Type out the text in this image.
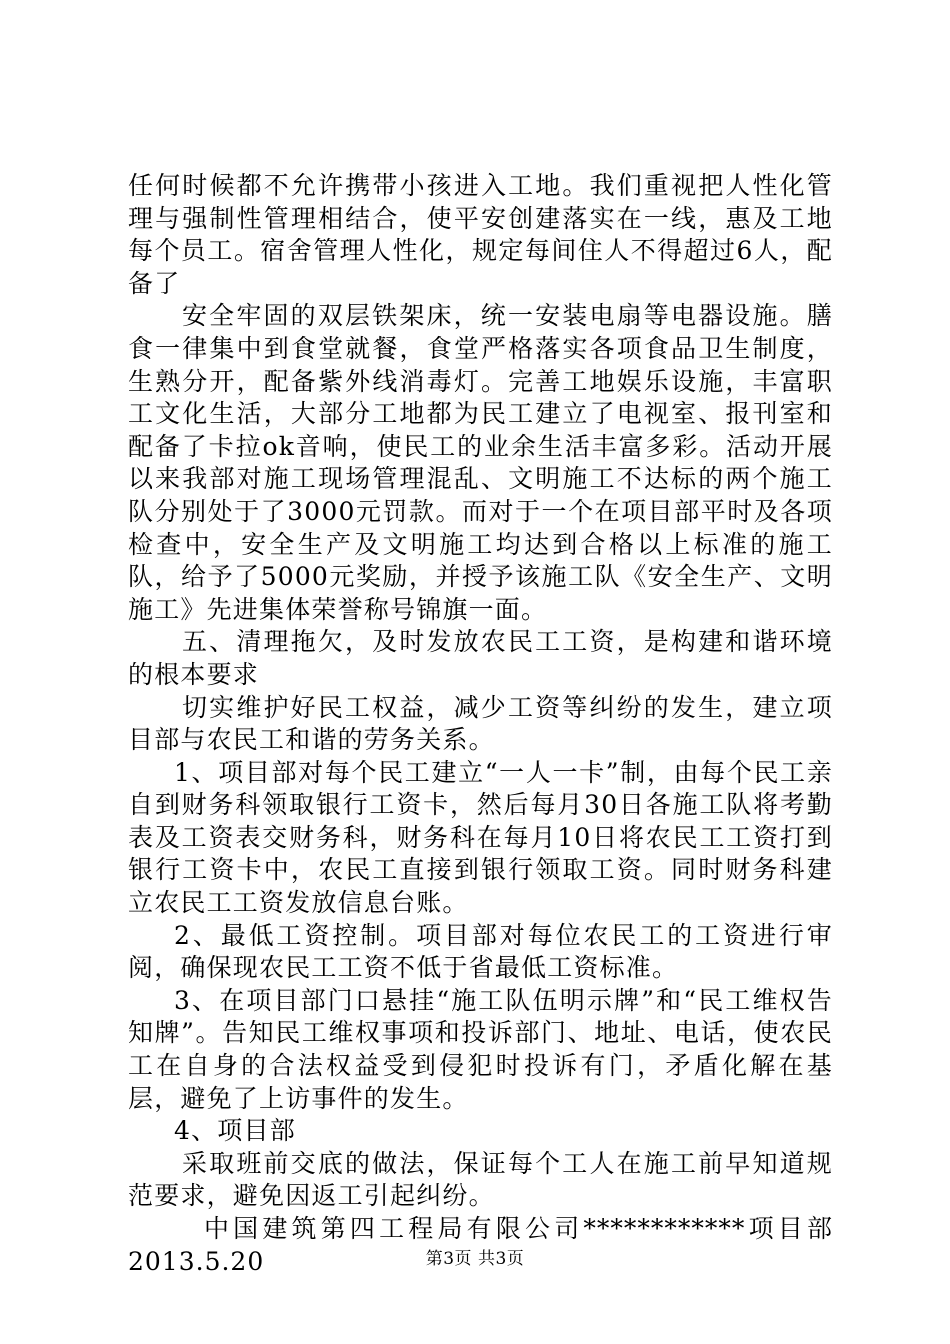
任何时候都不允许携带小孩进入工地。我们重视把人性化管理与强制性管理相结合，使平安创建落实在一线，惠及工地每个员工。宿舍管理人性化，规定每间住人不得超过6人，配备了

安全牢固的双层铁架床，统一安装电扇等电器设施。膳食一律集中到食堂就餐，食堂严格落实各项食品卫生制度，生熟分开，配备紫外线消毒灯。完善工地娱乐设施，丰富职工文化生活，大部分工地都为民工建立了电视室、报刊室和配备了卡拉ok音响，使民工的业余生活丰富多彩。活动开展以来我部对施工现场管理混乱、文明施工不达标的两个施工队分别处于了3000元罚款。而对于一个在项目部平时及各项检查中，安全生产及文明施工均达到合格以上标准的施工队，给予了5000元奖励，并授予该施工队《安全生产、文明施工》先进集体荣誉称号锦旗一面。

五、清理拖欠，及时发放农民工工资，是构建和谐环境的根本要求

切实维护好民工权益，减少工资等纠纷的发生，建立项目部与农民工和谐的劳务关系。

1、项目部对每个民工建立“一人一卡”制，由每个民工亲自到财务科领取银行工资卡，然后每月30日各施工队将考勤表及工资表交财务科，财务科在每月10日将农民工工资打到银行工资卡中，农民工直接到银行领取工资。同时财务科建立农民工工资发放信息台账。

2、最低工资控制。项目部对每位农民工的工资进行审阅，确保现农民工工资不低于省最低工资标准。

3、在项目部门口悬挂“施工队伍明示牌”和“民工维权告知牌”。告知民工维权事项和投诉部门、地址、电话，使农民工在自身的合法权益受到侵犯时投诉有门，矛盾化解在基层，避免了上访事件的发生。

4、项目部

采取班前交底的做法，保证每个工人在施工前早知道规范要求，避免因返工引起纠纷。

中国建筑第四工程局有限公司************项目部

2013.5.20	第3页 共3页
